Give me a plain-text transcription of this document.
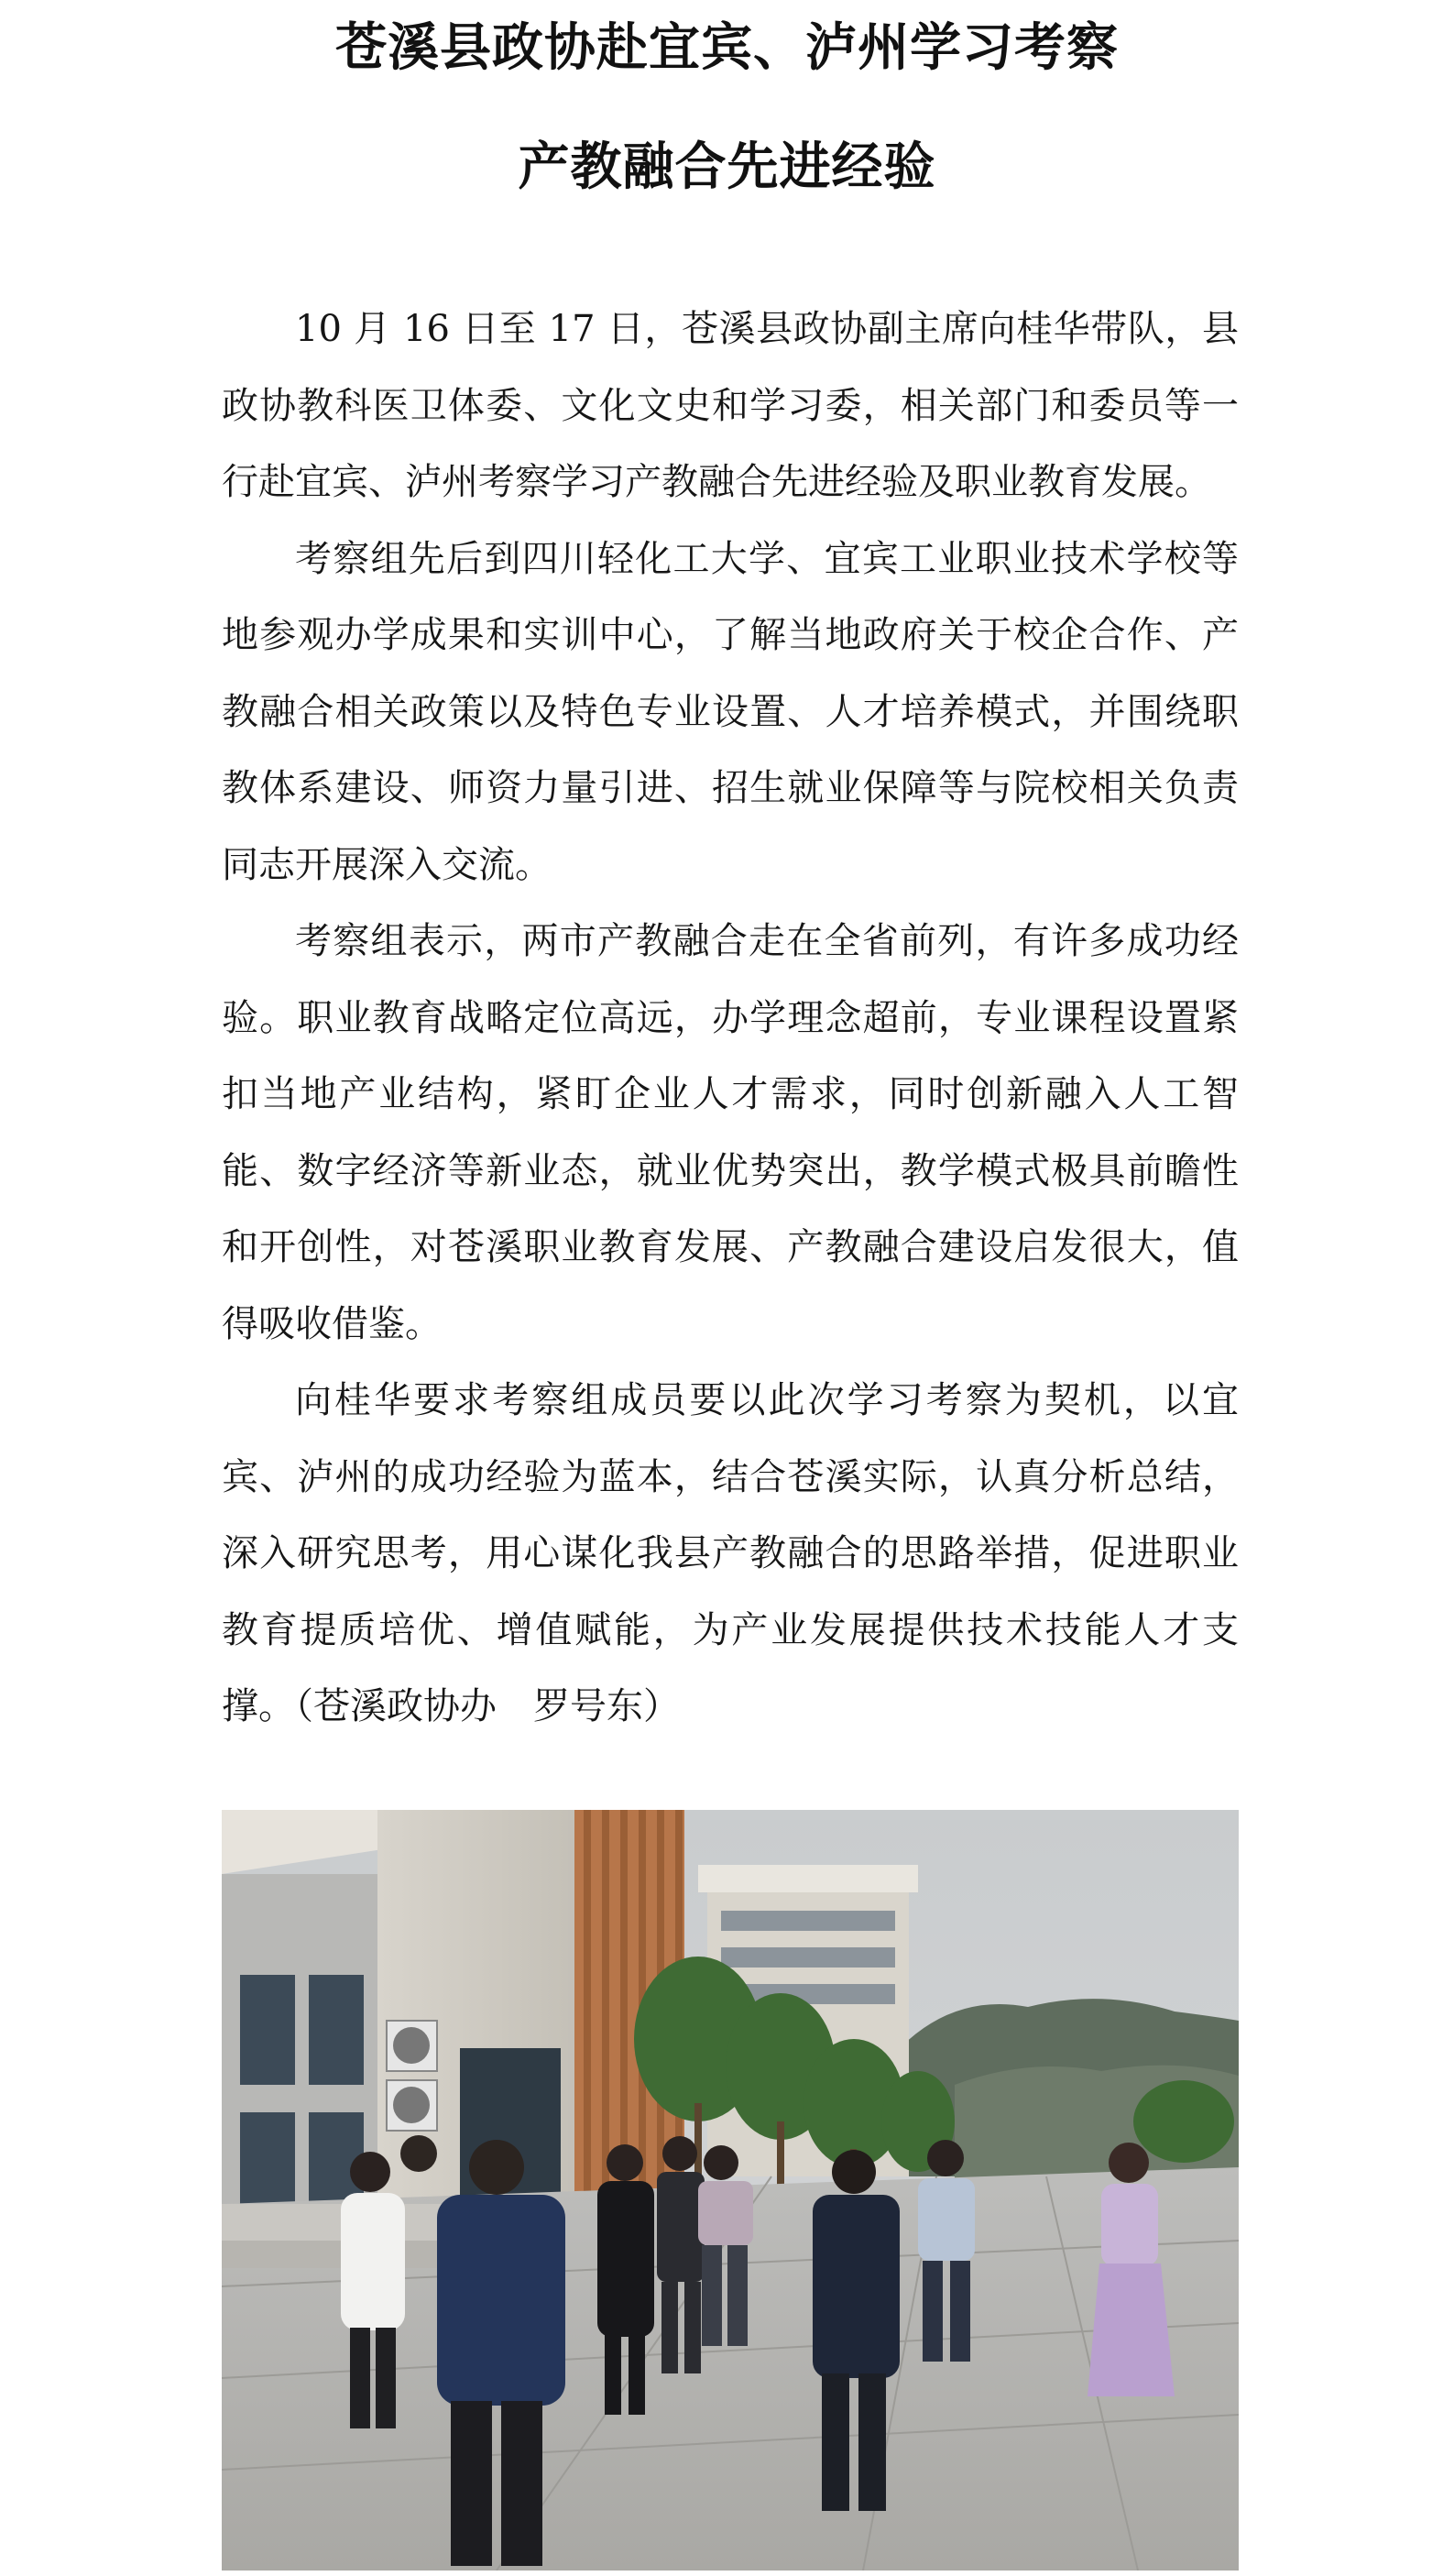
苍溪县政协赴宜宾、泸州学习考察
产教融合先进经验

10 月 16 日至 17 日，苍溪县政协副主席向桂华带队，县政协教科医卫体委、文化文史和学习委，相关部门和委员等一行赴宜宾、泸州考察学习产教融合先进经验及职业教育发展。

考察组先后到四川轻化工大学、宜宾工业职业技术学校等地参观办学成果和实训中心，了解当地政府关于校企合作、产教融合相关政策以及特色专业设置、人才培养模式，并围绕职教体系建设、师资力量引进、招生就业保障等与院校相关负责同志开展深入交流。

考察组表示，两市产教融合走在全省前列，有许多成功经验。职业教育战略定位高远，办学理念超前，专业课程设置紧扣当地产业结构，紧盯企业人才需求，同时创新融入人工智能、数字经济等新业态，就业优势突出，教学模式极具前瞻性和开创性，对苍溪职业教育发展、产教融合建设启发很大，值得吸收借鉴。

向桂华要求考察组成员要以此次学习考察为契机，以宜宾、泸州的成功经验为蓝本，结合苍溪实际，认真分析总结，深入研究思考，用心谋化我县产教融合的思路举措，促进职业教育提质培优、增值赋能，为产业发展提供技术技能人才支撑。（苍溪政协办　罗号东）
